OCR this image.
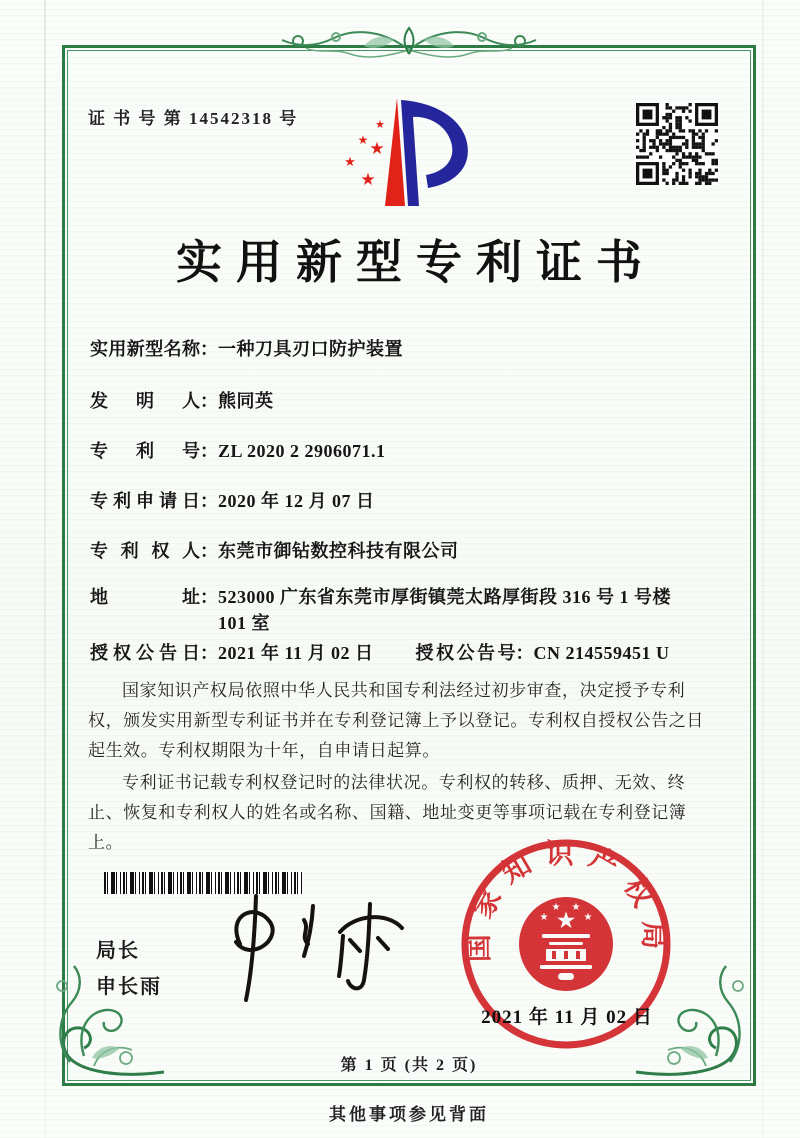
证 书 号 第 14542318 号	★
★ ★
★
★
实用新型专利证书
实用新型名称 ： 一种刀具刃口防护装置
发明人 ： 熊同英
专利号 ： ZL 2020 2 2906071.1
专利申请日 ： 2020 年 12 月 07 日
专利权人 ： 东莞市御钻数控科技有限公司
地址 ： 523000 广东省东莞市厚街镇莞太路厚街段 316 号 1 号楼 101 室
授权公告日 ： 2021 年 11 月 02 日 授权公告号 ： CN 214559451 U

国家知识产权局依照中华人民共和国专利法经过初步审查，决定授予专利权，颁发实用新型专利证书并在专利登记簿上予以登记。专利权自授权公告之日起生效。专利权期限为十年，自申请日起算。

专利证书记载专利权登记时的法律状况。专利权的转移、质押、无效、终止、恢复和专利权人的姓名或名称、国籍、地址变更等事项记载在专利登记簿上。

局长
申长雨
国家知识产权局
★
★
★ ★
★
2021 年 11 月 02 日
第 1 页 (共 2 页)
其他事项参见背面
